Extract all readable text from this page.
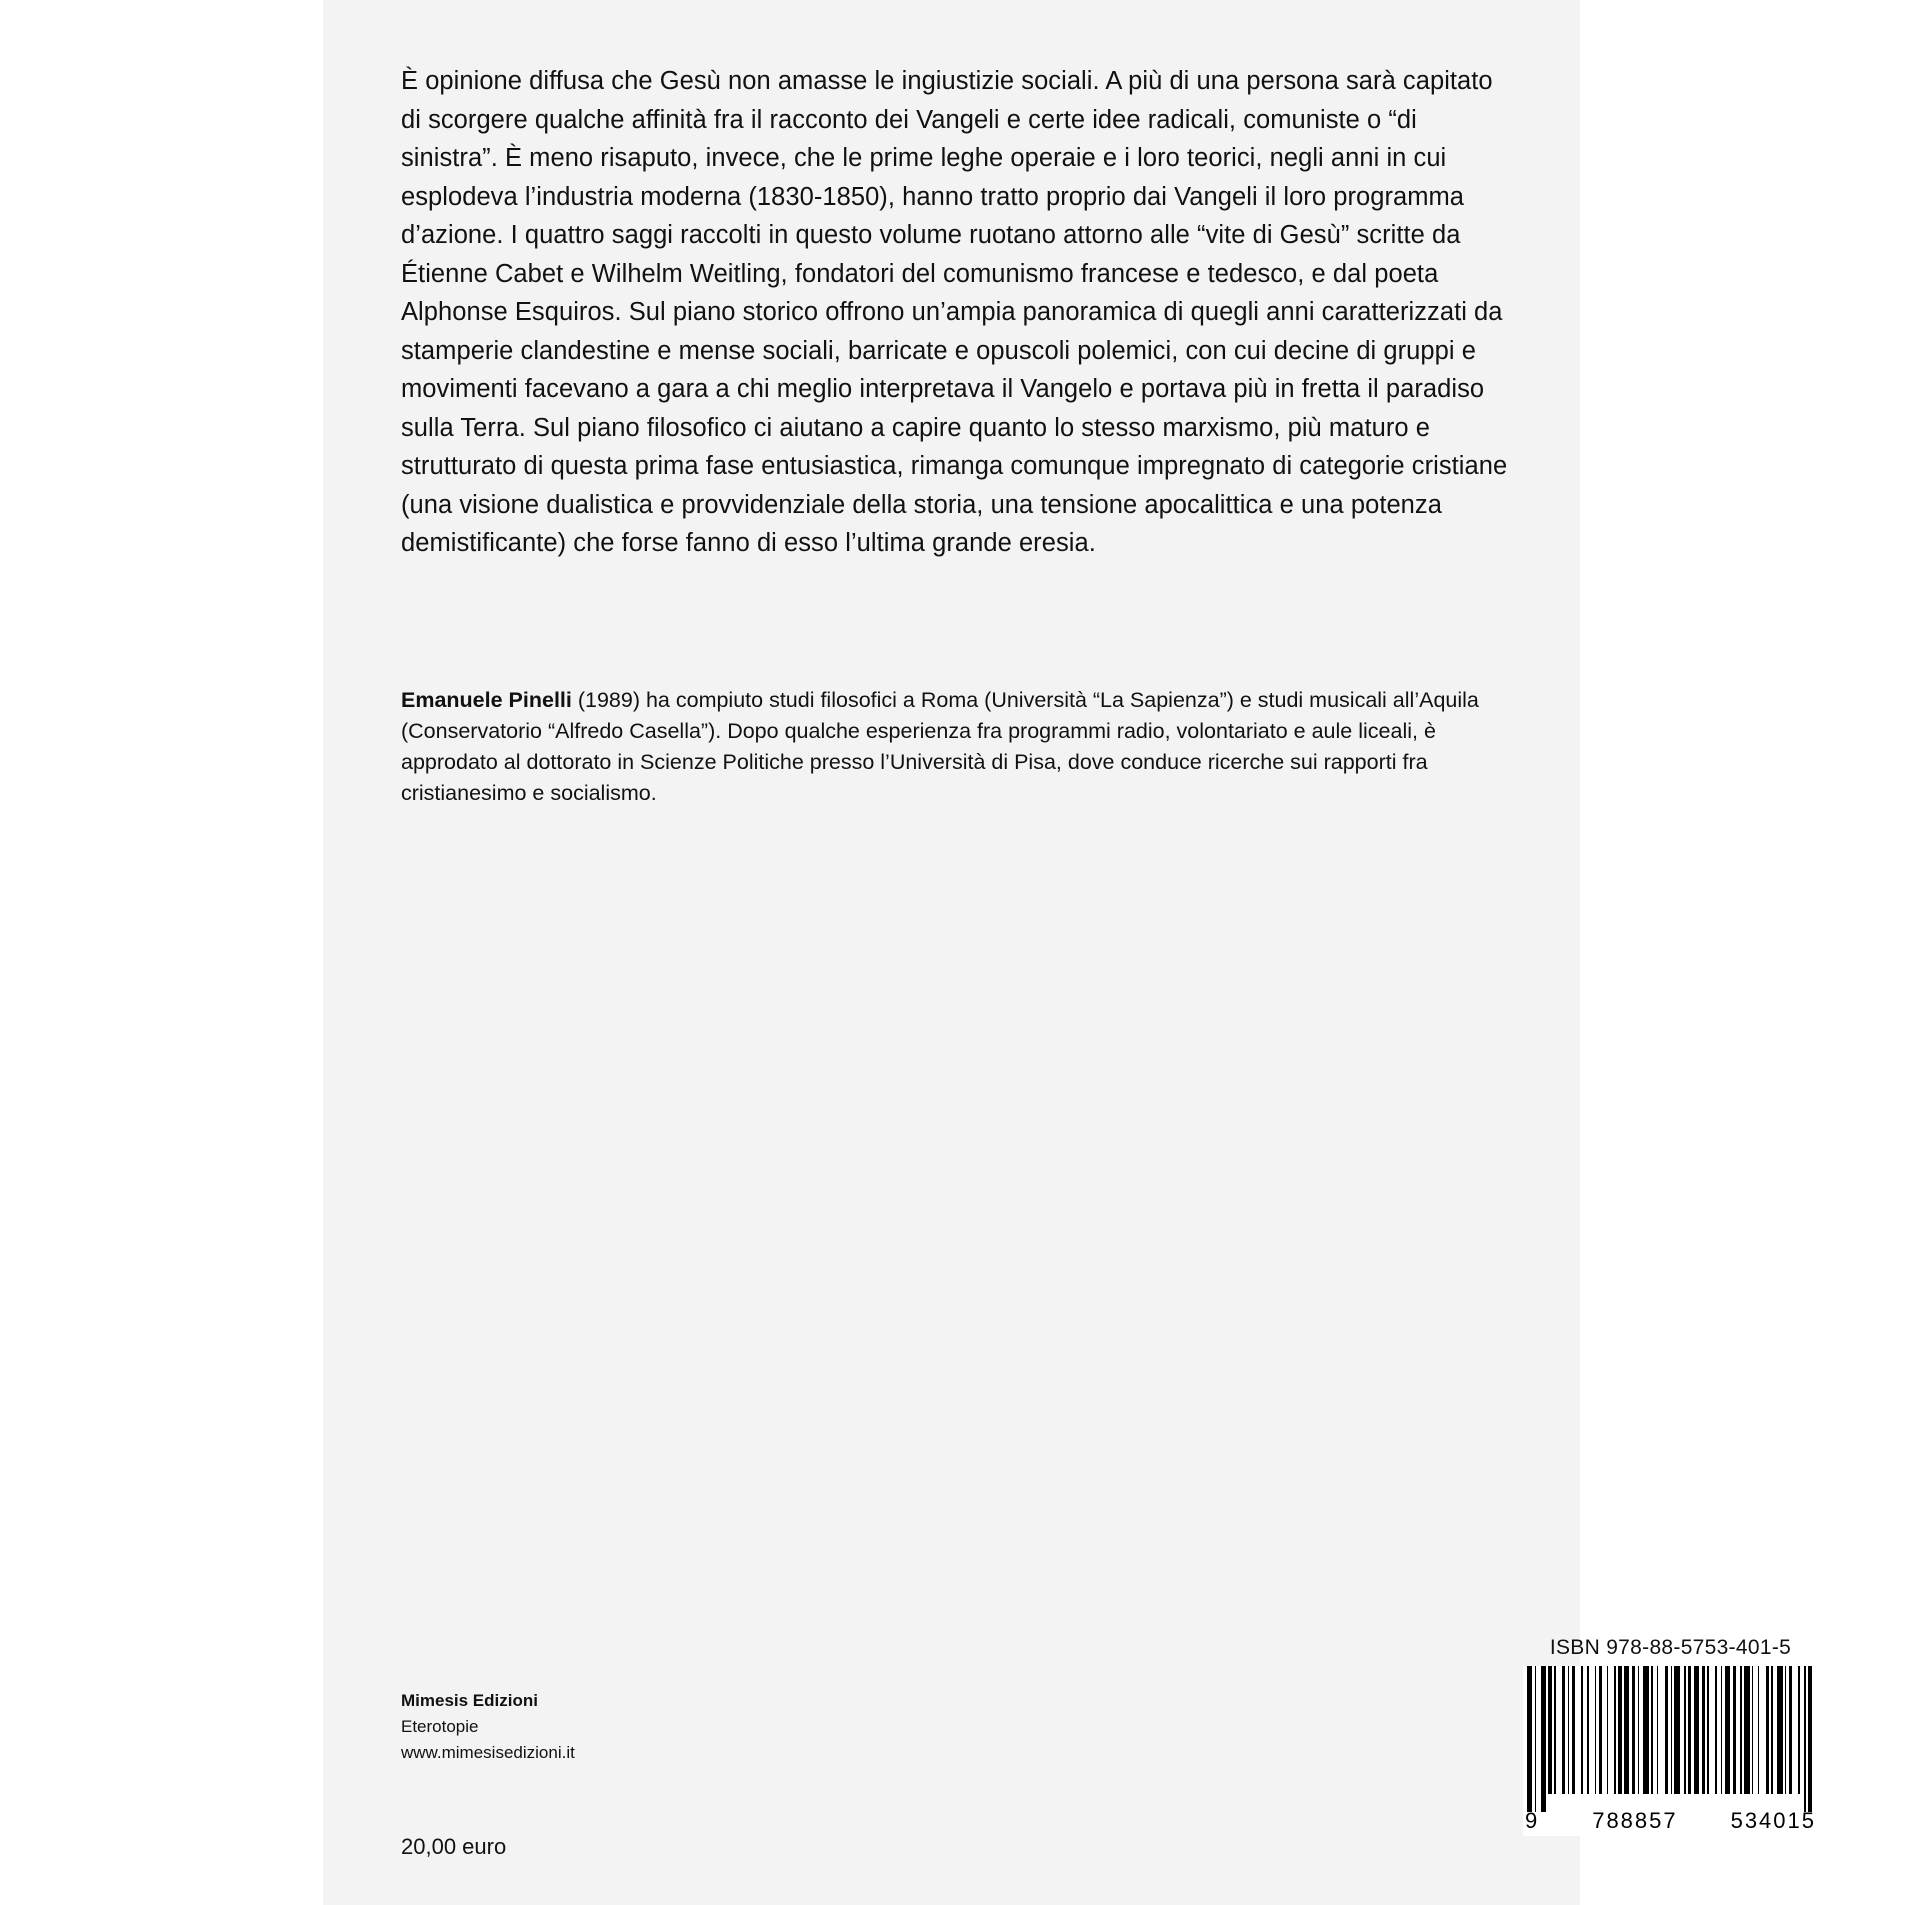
È opinione diffusa che Gesù non amasse le ingiustizie sociali. A più di una persona sarà capitato di scorgere qualche affinità fra il racconto dei Vangeli e certe idee radicali, comuniste o “di sinistra”. È meno risaputo, invece, che le prime leghe operaie e i loro teorici, negli anni in cui esplodeva l’industria moderna (1830-1850), hanno tratto proprio dai Vangeli il loro programma d’azione. I quattro saggi raccolti in questo volume ruotano attorno alle “vite di Gesù” scritte da Étienne Cabet e Wilhelm Weitling, fondatori del comunismo francese e tedesco, e dal poeta Alphonse Esquiros. Sul piano storico offrono un’ampia panoramica di quegli anni caratterizzati da stamperie clandestine e mense sociali, barricate e opuscoli polemici, con cui decine di gruppi e movimenti facevano a gara a chi meglio interpretava il Vangelo e portava più in fretta il paradiso sulla Terra. Sul piano filosofico ci aiutano a capire quanto lo stesso marxismo, più maturo e strutturato di questa prima fase entusiastica, rimanga comunque impregnato di categorie cristiane (una visione dualistica e provvidenziale della storia, una tensione apocalittica e una potenza demistificante) che forse fanno di esso l’ultima grande eresia.

Emanuele Pinelli (1989) ha compiuto studi filosofici a Roma (Università “La Sapienza”) e studi musicali all’Aquila (Conservatorio “Alfredo Casella”). Dopo qualche esperienza fra programmi radio, volontariato e aule liceali, è approdato al dottorato in Scienze Politiche presso l’Università di Pisa, dove conduce ricerche sui rapporti fra cristianesimo e socialismo.
Mimesis Edizioni
Eterotopie
www.mimesisedizioni.it
20,00 euro
ISBN 978-88-5753-401-5
9 788857 534015
